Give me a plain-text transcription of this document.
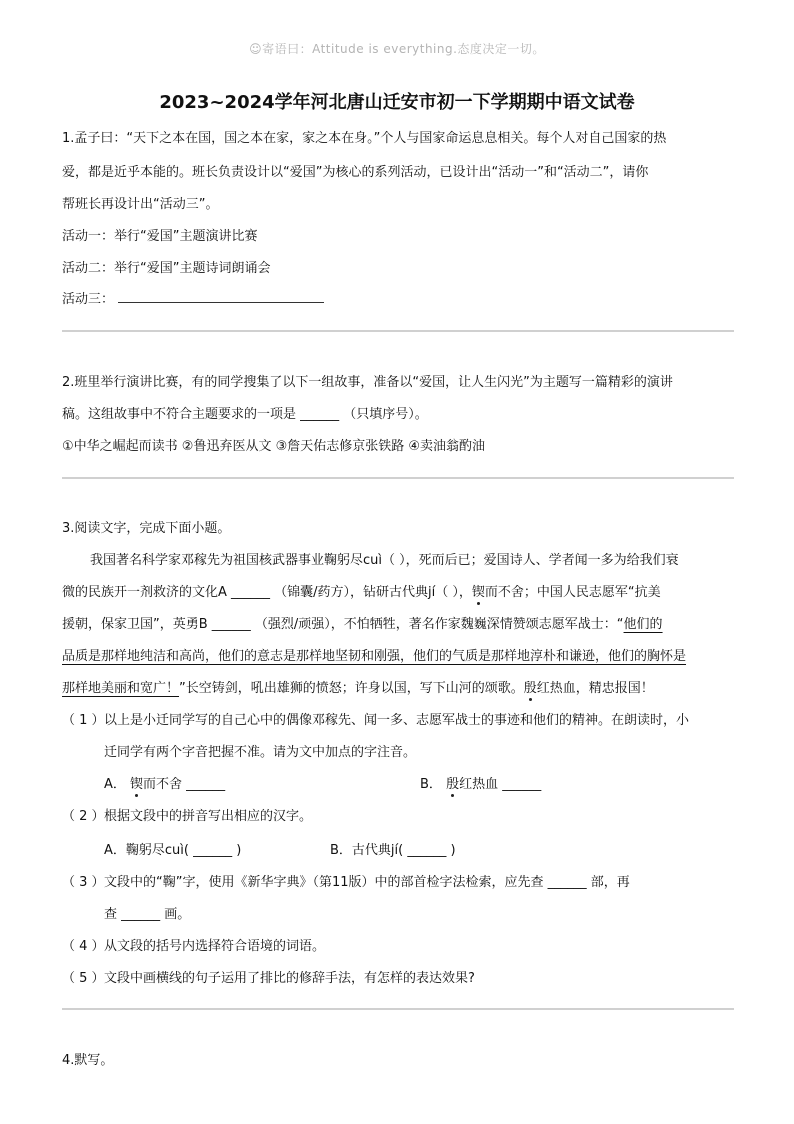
☺寄语曰：Attitude is everything.态度决定一切。
2023~2024学年河北唐山迁安市初一下学期期中语文试卷
1.孟子曰：“天下之本在国，国之本在家，家之本在身。”个人与国家命运息息相关。每个人对自己国家的热
爱，都是近乎本能的。班长负责设计以“爱国”为核心的系列活动，已设计出“活动一”和“活动二”，请你
帮班长再设计出“活动三”。
活动一：举行“爱国”主题演讲比赛
活动二：举行“爱国”主题诗词朗诵会
活动三：
2.班里举行演讲比赛，有的同学搜集了以下一组故事，准备以“爱国，让人生闪光”为主题写一篇精彩的演讲
稿。这组故事中不符合主题要求的一项是 ______ （只填序号）。
①中华之崛起而读书 ②鲁迅弃医从文 ③詹天佑志修京张铁路 ④卖油翁酌油
3.阅读文字，完成下面小题。
我国著名科学家邓稼先为祖国核武器事业鞠躬尽cuì（ ），死而后已；爱国诗人、学者闻一多为给我们衰
微的民族开一剂救济的文化A ______ （锦囊/药方），钻研古代典jí（ ），锲而不舍；中国人民志愿军“抗美
援朝，保家卫国”，英勇B ______ （强烈/顽强），不怕牺牲，著名作家魏巍深情赞颂志愿军战士：“他们的
品质是那样地纯洁和高尚，他们的意志是那样地坚韧和刚强，他们的气质是那样地淳朴和谦逊，他们的胸怀是
那样地美丽和宽广！”长空铸剑，吼出雄狮的愤怒；许身以国，写下山河的颂歌。殷红热血，精忠报国！
（ 1 ）以上是小迁同学写的自己心中的偶像邓稼先、闻一多、志愿军战士的事迹和他们的精神。在朗读时，小
迁同学有两个字音把握不准。请为文中加点的字注音。
A． 锲而不舍 ______	B． 殷红热血 ______
（ 2 ）根据文段中的拼音写出相应的汉字。
A．鞠躬尽cuì( ______ )	B．古代典jí( ______ )
（ 3 ）文段中的“鞠”字，使用《新华字典》（第11版）中的部首检字法检索，应先查 ______ 部，再
查 ______ 画。
（ 4 ）从文段的括号内选择符合语境的词语。
（ 5 ）文段中画横线的句子运用了排比的修辞手法，有怎样的表达效果?
4.默写。
